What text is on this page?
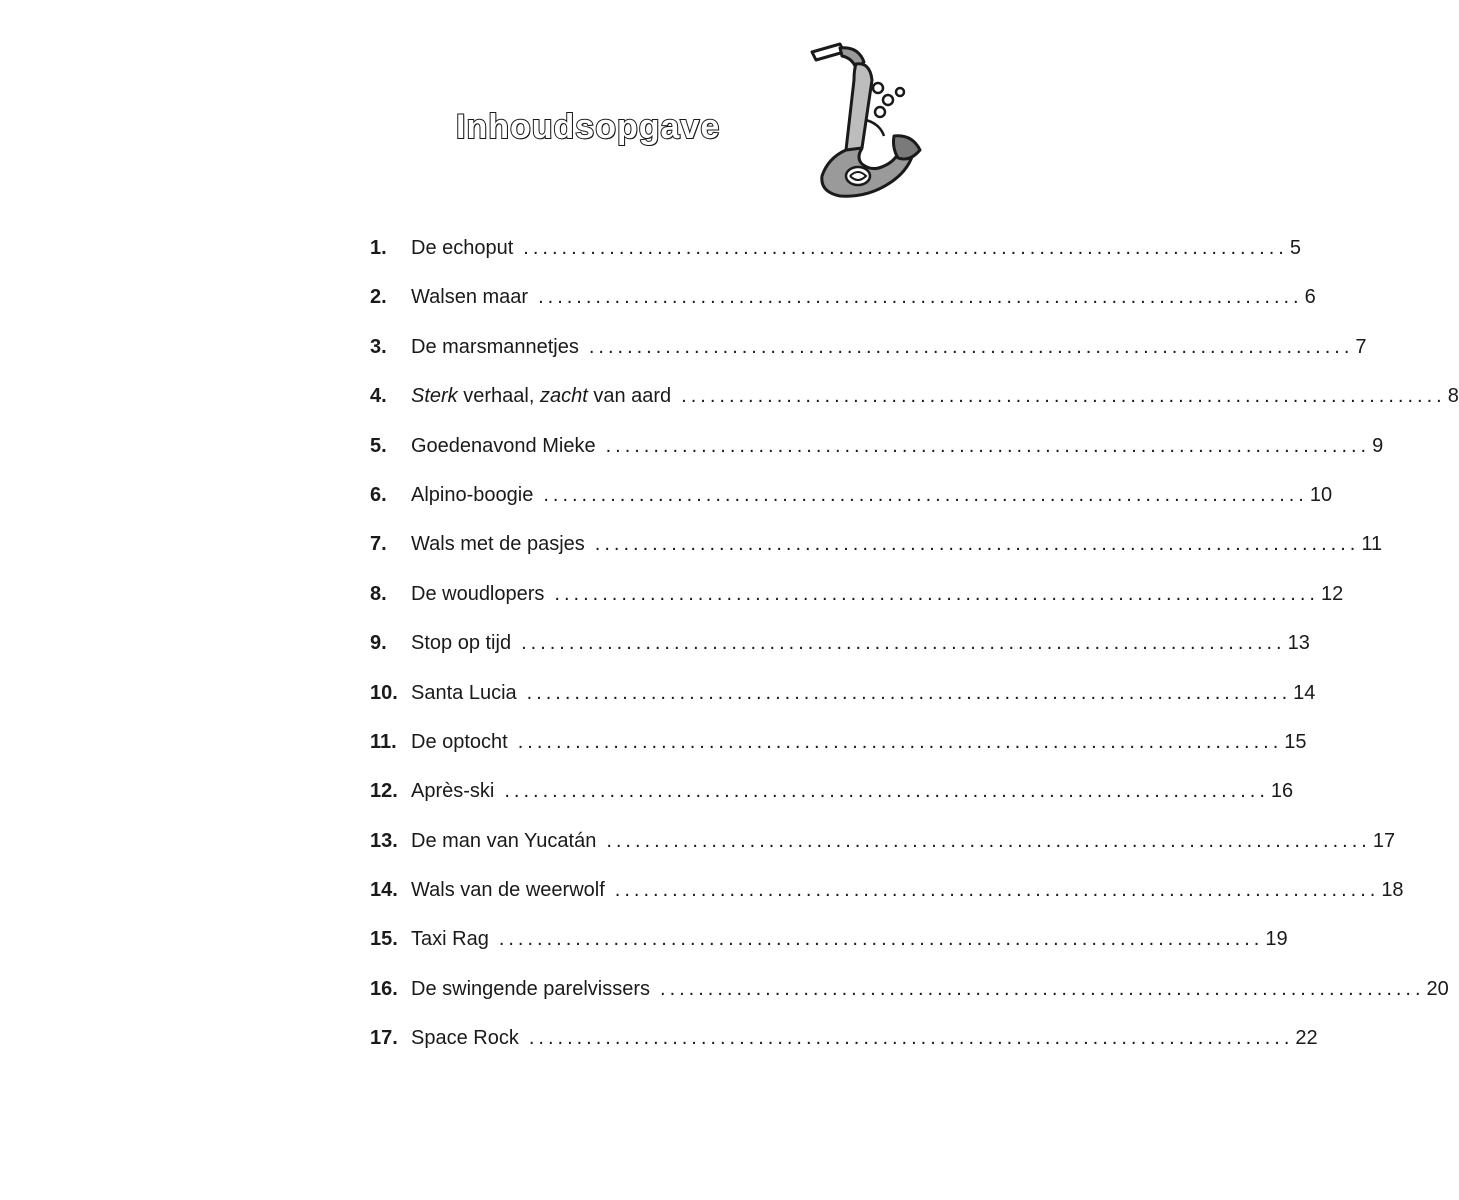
Inhoudsopgave
1.	De echoput ................................................................................ 5
2.	Walsen maar ................................................................................ 6
3.	De marsmannetjes ................................................................................ 7
4.	Sterk verhaal, zacht van aard ................................................................................ 8
5.	Goedenavond Mieke ................................................................................ 9
6.	Alpino-boogie ................................................................................ 10
7.	Wals met de pasjes ................................................................................ 11
8.	De woudlopers ................................................................................ 12
9.	Stop op tijd ................................................................................ 13
10. Santa Lucia ................................................................................ 14
11. De optocht ................................................................................ 15
12. Après-ski ................................................................................ 16
13. De man van Yucatán ................................................................................ 17
14. Wals van de weerwolf ................................................................................ 18
15. Taxi Rag ................................................................................ 19
16. De swingende parelvissers ................................................................................ 20
17. Space Rock ................................................................................ 22
